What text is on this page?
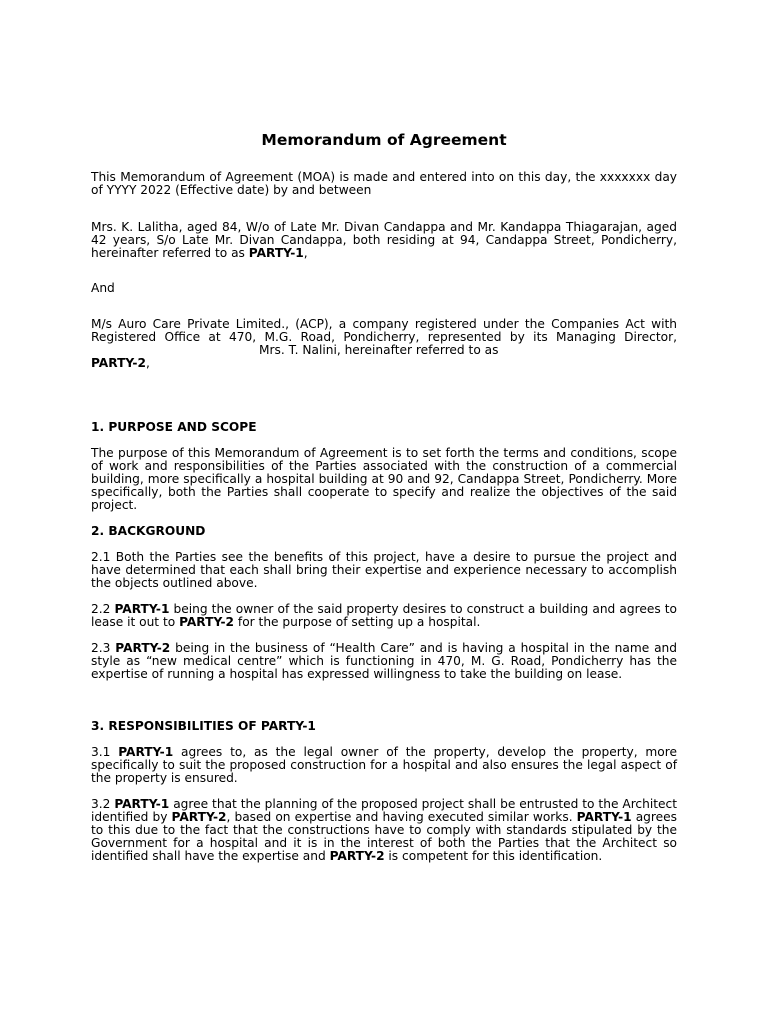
Memorandum of Agreement

This Memorandum of Agreement (MOA) is made and entered into on this day, the xxxxxxx day of YYYY 2022 (Effective date) by and between

Mrs. K. Lalitha, aged 84, W/o of Late Mr. Divan Candappa and Mr. Kandappa Thiagarajan, aged 42 years, S/o Late Mr. Divan Candappa, both residing at 94, Candappa Street, Pondicherry, hereinafter referred to as PARTY-1,

And

M/s Auro Care Private Limited., (ACP), a company registered under the Companies Act with Registered Office at 470, M.G. Road, Pondicherry, represented by its Managing Director,Mrs. T. Nalini, hereinafter referred to as
PARTY-2,

1. PURPOSE AND SCOPE

The purpose of this Memorandum of Agreement is to set forth the terms and conditions, scope of work and responsibilities of the Parties associated with the construction of a commercial building, more specifically a hospital building at 90 and 92, Candappa Street, Pondicherry. More specifically, both the Parties shall cooperate to specify and realize the objectives of the said project.

2. BACKGROUND

2.1 Both the Parties see the benefits of this project, have a desire to pursue the project and have determined that each shall bring their expertise and experience necessary to accomplish the objects outlined above.

2.2 PARTY-1 being the owner of the said property desires to construct a building and agrees to lease it out to PARTY-2 for the purpose of setting up a hospital.

2.3 PARTY-2 being in the business of “Health Care” and is having a hospital in the name and style as “new medical centre” which is functioning in 470, M. G. Road, Pondicherry has the expertise of running a hospital has expressed willingness to take the building on lease.

3. RESPONSIBILITIES OF PARTY-1

3.1 PARTY-1 agrees to, as the legal owner of the property, develop the property, more specifically to suit the proposed construction for a hospital and also ensures the legal aspect of the property is ensured.

3.2 PARTY-1 agree that the planning of the proposed project shall be entrusted to the Architect identified by PARTY-2, based on expertise and having executed similar works. PARTY-1 agrees to this due to the fact that the constructions have to comply with standards stipulated by the Government for a hospital and it is in the interest of both the Parties that the Architect so identified shall have the expertise and PARTY-2 is competent for this identification.
